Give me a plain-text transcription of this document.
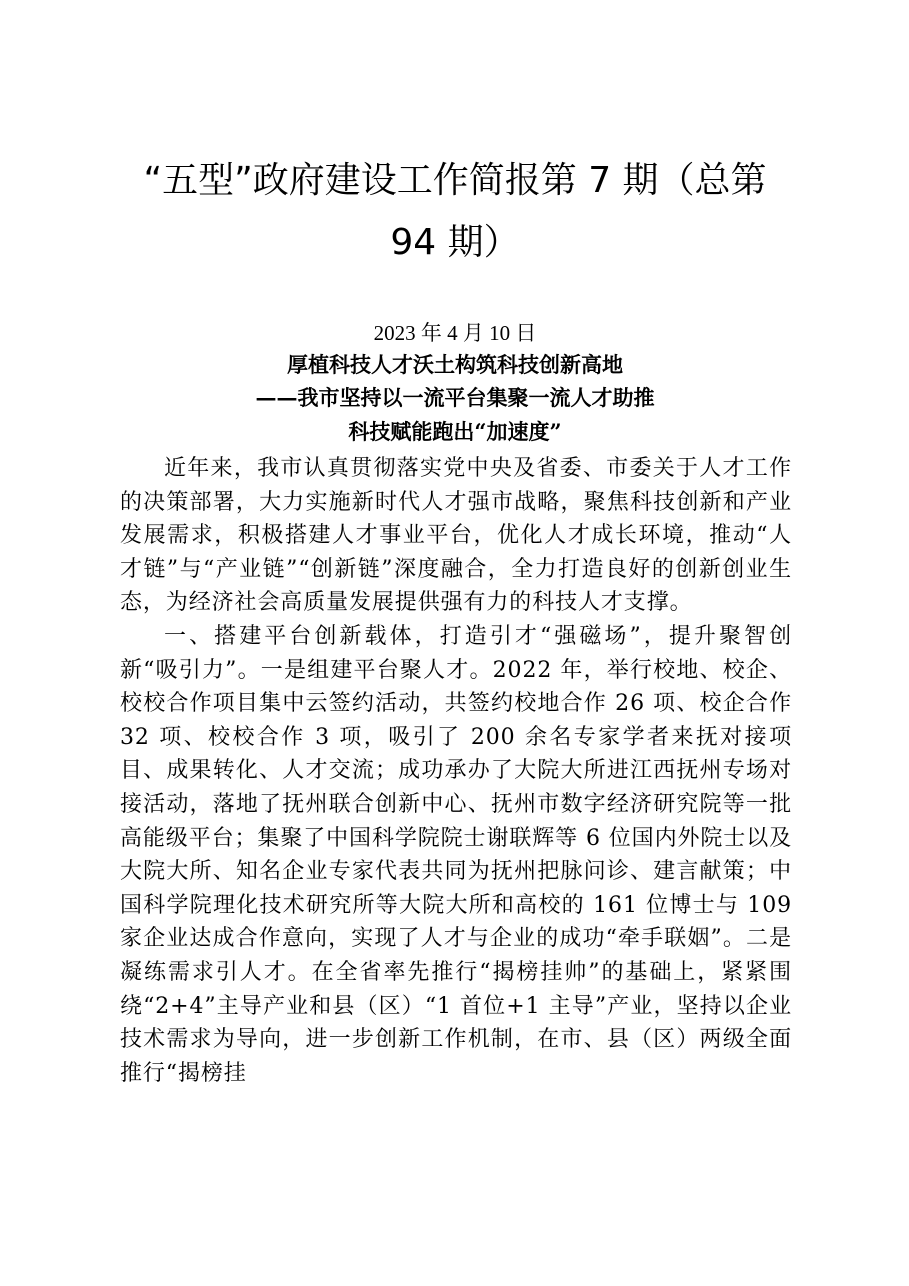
“五型”政府建设工作简报第 7 期（总第 94 期）
2023 年 4 月 10 日
厚植科技人才沃土构筑科技创新高地
——我市坚持以一流平台集聚一流人才助推
科技赋能跑出“加速度”

近年来，我市认真贯彻落实党中央及省委、市委关于人才工作的决策部署，大力实施新时代人才强市战略，聚焦科技创新和产业发展需求，积极搭建人才事业平台，优化人才成长环境，推动“人才链”与“产业链”“创新链”深度融合，全力打造良好的创新创业生态，为经济社会高质量发展提供强有力的科技人才支撑。

一、搭建平台创新载体，打造引才“强磁场”，提升聚智创新“吸引力”。一是组建平台聚人才。2022 年，举行校地、校企、校校合作项目集中云签约活动，共签约校地合作 26 项、校企合作 32 项、校校合作 3 项，吸引了 200 余名专家学者来抚对接项目、成果转化、人才交流；成功承办了大院大所进江西抚州专场对接活动，落地了抚州联合创新中心、抚州市数字经济研究院等一批高能级平台；集聚了中国科学院院士谢联辉等 6 位国内外院士以及大院大所、知名企业专家代表共同为抚州把脉问诊、建言献策；中国科学院理化技术研究所等大院大所和高校的 161 位博士与 109 家企业达成合作意向，实现了人才与企业的成功“牵手联姻”。二是凝练需求引人才。在全省率先推行“揭榜挂帅”的基础上，紧紧围绕“2+4”主导产业和县（区）“1 首位+1 主导”产业，坚持以企业技术需求为导向，进一步创新工作机制，在市、县（区）两级全面推行“揭榜挂
